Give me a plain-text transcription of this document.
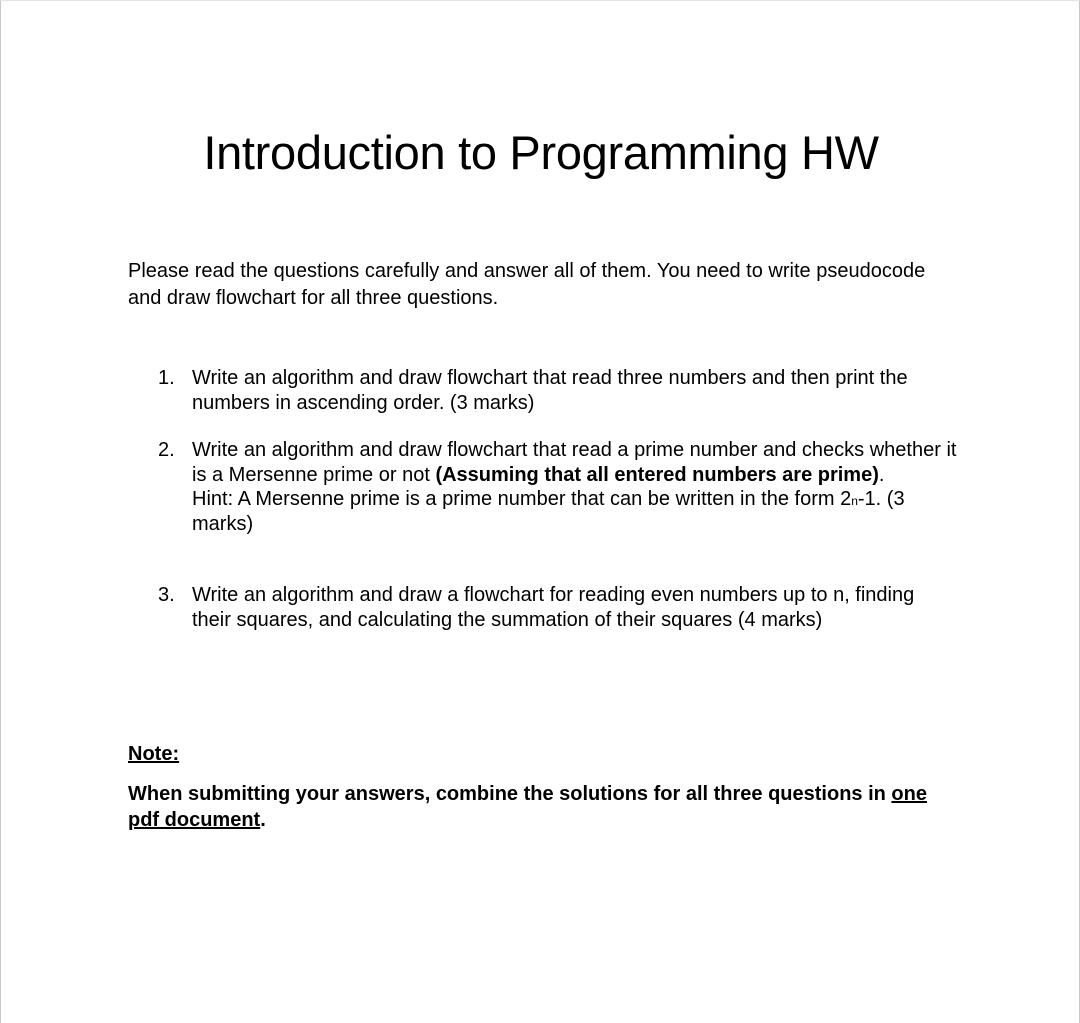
Introduction to Programming HW

Please read the questions carefully and answer all of them. You need to write pseudocode and draw flowchart for all three questions.

1. Write an algorithm and draw flowchart that read three numbers and then print the numbers in ascending order. (3 marks)
2. Write an algorithm and draw flowchart that read a prime number and checks whether it is a Mersenne prime or not (Assuming that all entered numbers are prime).
Hint: A Mersenne prime is a prime number that can be written in the form 2$^n$-1. (3 marks)
3. Write an algorithm and draw a flowchart for reading even numbers up to n, finding their squares, and calculating the summation of their squares (4 marks)
Note:

When submitting your answers, combine the solutions for all three questions in one pdf document.
